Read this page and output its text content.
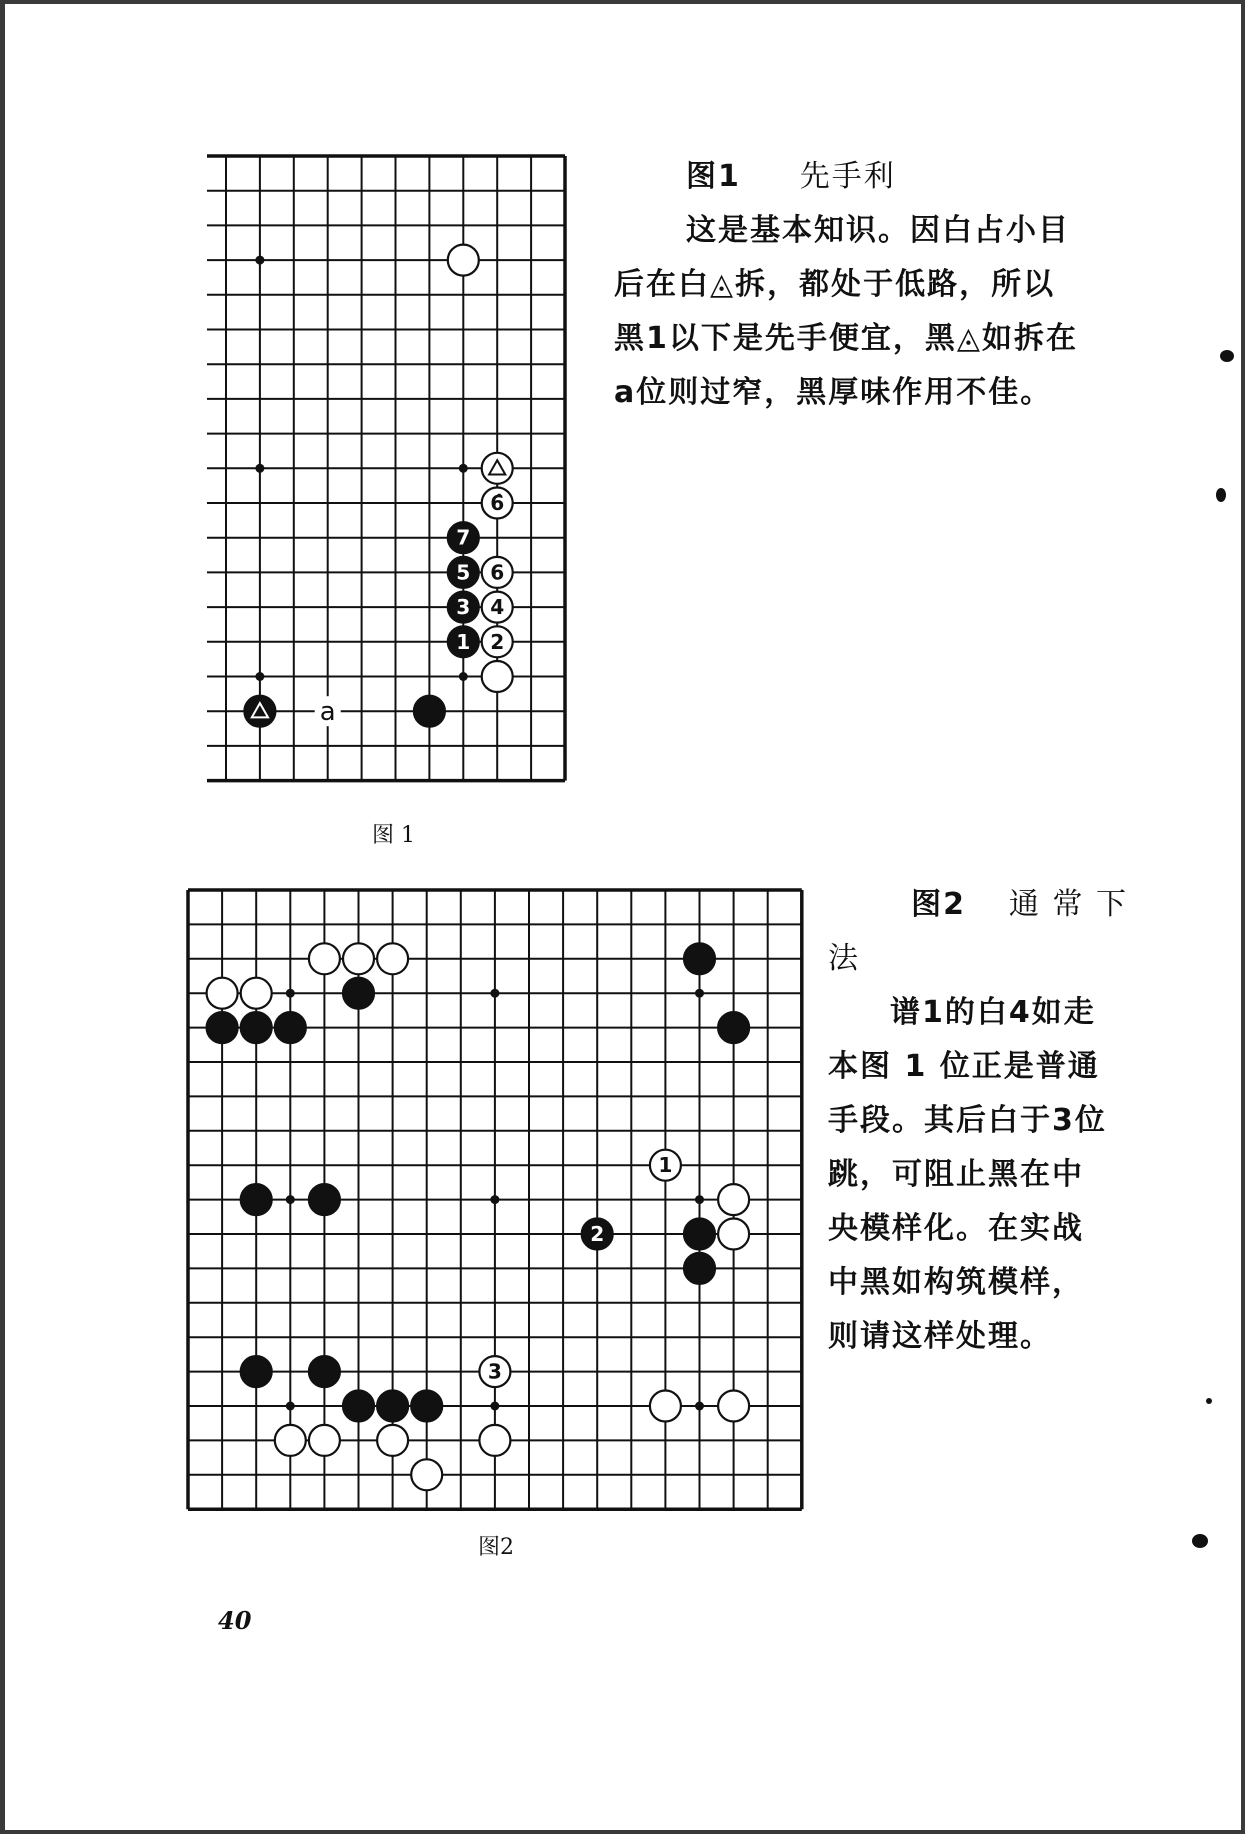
a
6̂
7
5 6
3 4
1 2
图 1
图1 先手利

这是基本知识。因白占小目

后在白◬拆，都处于低路，所以

黑1以下是先手便宜，黑◬如拆在

a位则过窄，黑厚味作用不佳。

1
2
3
图2
图2 通 常 下

法

谱1的白4如走

本图 1 位正是普通

手段。其后白于3位

跳，可阻止黑在中

央模样化。在实战

中黑如构筑模样，

则请这样处理。

40
